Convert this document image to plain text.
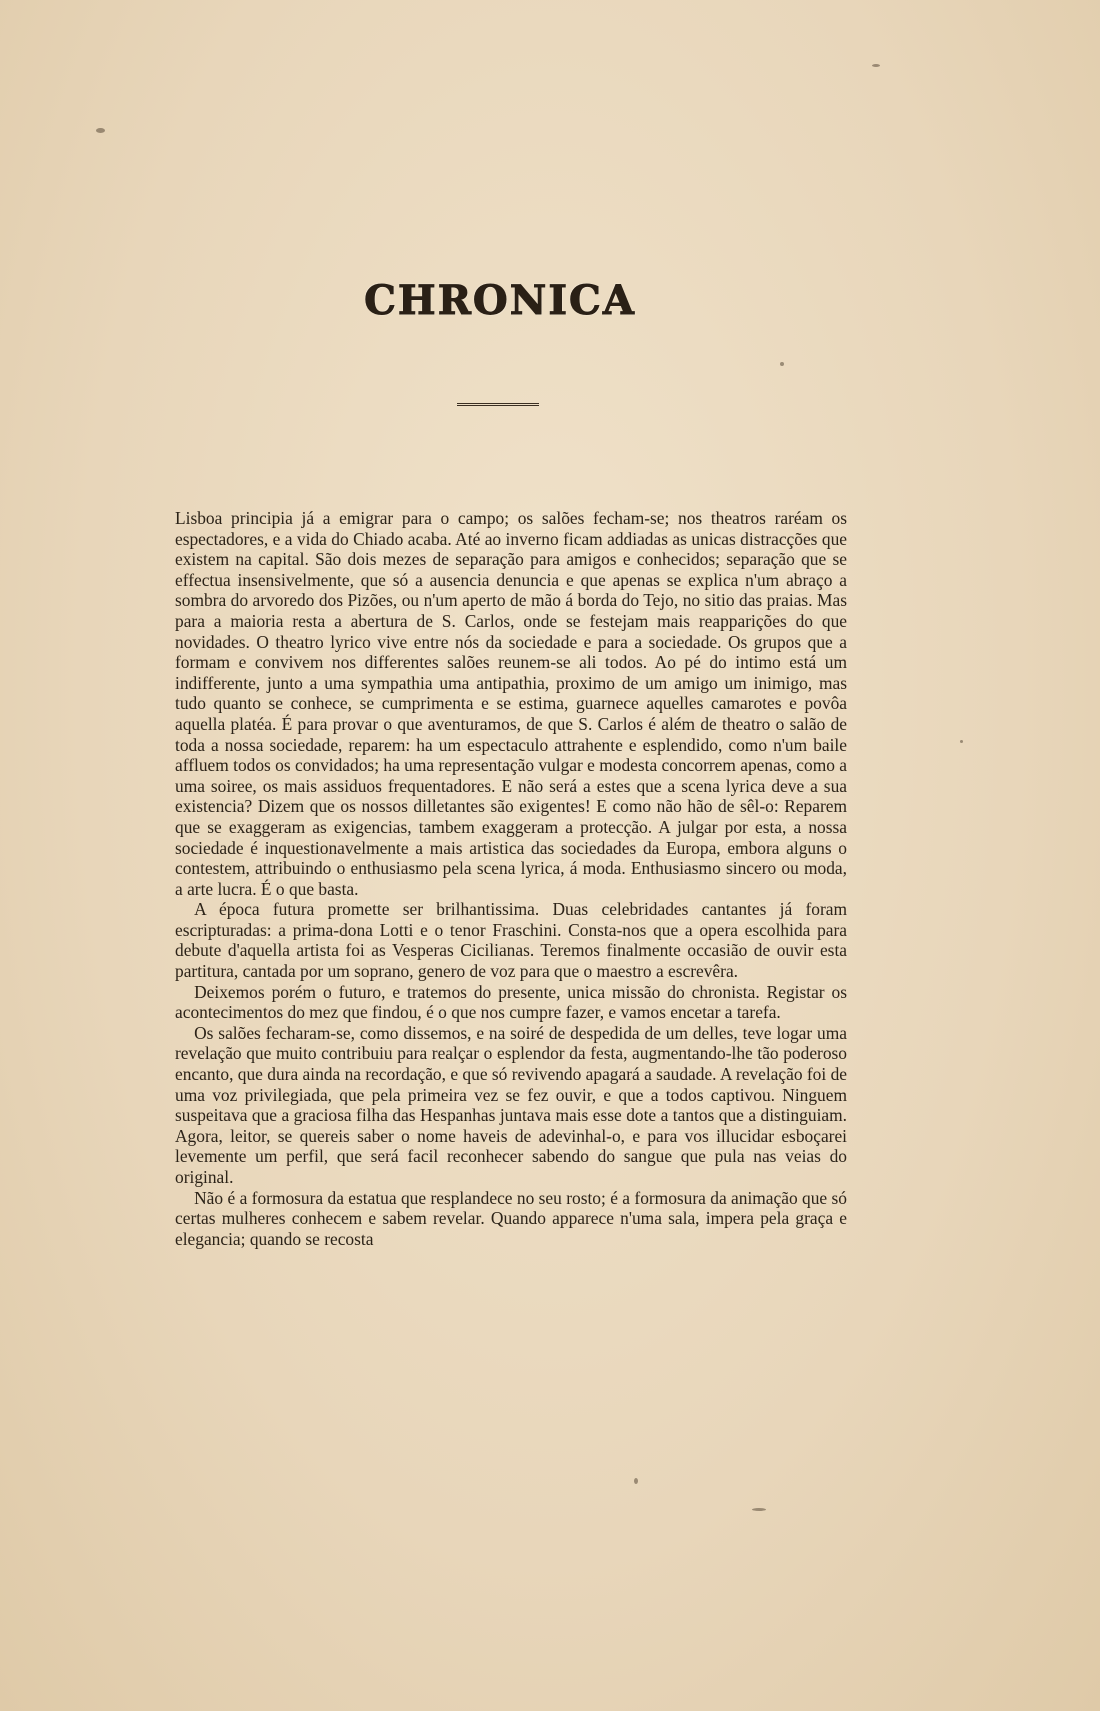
CHRONICA

Lisboa principia já a emigrar para o campo; os salões fecham-se; nos theatros raréam os espectadores, e a vida do Chiado acaba. Até ao inverno ficam addiadas as unicas distracções que existem na capital. São dois mezes de separação para amigos e conhecidos; separação que se effectua insensivelmente, que só a ausencia denuncia e que apenas se explica n'um abraço a sombra do arvoredo dos Pizões, ou n'um aperto de mão á borda do Tejo, no sitio das praias. Mas para a maioria resta a abertura de S. Carlos, onde se festejam mais reapparições do que novidades. O theatro lyrico vive entre nós da sociedade e para a sociedade. Os grupos que a formam e convivem nos differentes salões reunem-se ali todos. Ao pé do intimo está um indifferente, junto a uma sympathia uma antipathia, proximo de um amigo um inimigo, mas tudo quanto se conhece, se cumprimenta e se estima, guarnece aquelles camarotes e povôa aquella platéa. É para provar o que aventuramos, de que S. Carlos é além de theatro o salão de toda a nossa sociedade, reparem: ha um espectaculo attrahente e esplendido, como n'um baile affluem todos os convidados; ha uma representação vulgar e modesta concorrem apenas, como a uma soiree, os mais assiduos frequentadores. E não será a estes que a scena lyrica deve a sua existencia? Dizem que os nossos dilletantes são exigentes! E como não hão de sêl-o: Reparem que se exaggeram as exigencias, tambem exaggeram a protecção. A julgar por esta, a nossa sociedade é inquestionavelmente a mais artistica das sociedades da Europa, embora alguns o contestem, attribuindo o enthusiasmo pela scena lyrica, á moda. Enthusiasmo sincero ou moda, a arte lucra. É o que basta.

A época futura promette ser brilhantissima. Duas celebridades cantantes já foram escripturadas: a prima-dona Lotti e o tenor Fraschini. Consta-nos que a opera escolhida para debute d'aquella artista foi as Vesperas Cicilianas. Teremos finalmente occasião de ouvir esta partitura, cantada por um soprano, genero de voz para que o maestro a escrevêra.

Deixemos porém o futuro, e tratemos do presente, unica missão do chronista. Registar os acontecimentos do mez que findou, é o que nos cumpre fazer, e vamos encetar a tarefa.

Os salões fecharam-se, como dissemos, e na soiré de despedida de um delles, teve logar uma revelação que muito contribuiu para realçar o esplendor da festa, augmentando-lhe tão poderoso encanto, que dura ainda na recordação, e que só revivendo apagará a saudade. A revelação foi de uma voz privilegiada, que pela primeira vez se fez ouvir, e que a todos captivou. Ninguem suspeitava que a graciosa filha das Hespanhas juntava mais esse dote a tantos que a distinguiam. Agora, leitor, se quereis saber o nome haveis de adevinhal-o, e para vos illucidar esboçarei levemente um perfil, que será facil reconhecer sabendo do sangue que pula nas veias do original.

Não é a formosura da estatua que resplandece no seu rosto; é a formosura da animação que só certas mulheres conhecem e sabem revelar. Quando apparece n'uma sala, impera pela graça e elegancia; quando se recosta
